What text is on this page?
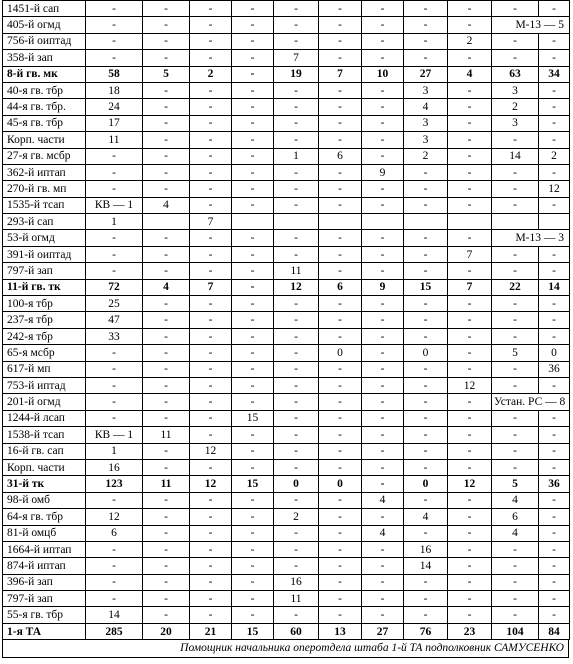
1451-й сап	-	-	-	-	-	-	-	-	-	-	-
405-й огмд	-	-	-	-	-	-	-	-	-	М-13 — 5	
756-й оиптад	-	-	-	-	-	-	-	-	2	-	-
358-й зап	-	-	-	-	7	-	-	-	-	-	-
8-й гв. мк	58	5	2	-	19	7	10	27	4	63	34
40-я гв. тбр	18	-	-	-	-	-	-	3	-	3	-
44-я гв. тбр.	24	-	-	-	-	-	-	4	-	2	-
45-я гв. тбр	17	-	-	-	-	-	-	3	-	3	-
Корп. части	11	-	-	-	-	-	-	3	-	-	-
27-я гв. мсбр	-	-	-	-	1	6	-	2	-	14	2
362-й иптап	-	-	-	-	-	-	9	-	-	-	-
270-й гв. мп	-	-	-	-	-	-	-	-	-	-	12
1535-й тсап	КВ — 1	4	-	-	-	-	-	-	-	-	-
293-й сап	1		7								
53-й огмд	-	-	-	-	-	-	-	-	-	М-13 — 3	
391-й оиптад	-	-	-	-	-	-	-	-	7	-	-
797-й зап	-	-	-	-	11	-	-	-	-	-	-
11-й гв. тк	72	4	7	-	12	6	9	15	7	22	14
100-я тбр	25	-	-	-	-	-	-	-	-	-	-
237-я тбр	47	-	-	-	-	-	-	-	-	-	-
242-я тбр	33	-	-	-	-	-	-	-	-	-	-
65-я мсбр	-	-	-	-	-	0	-	0	-	5	0
617-й мп	-	-	-	-	-	-	-	-	-	-	36
753-й иптад	-	-	-	-	-	-	-	-	12	-	-
201-й огмд	-	-	-	-	-	-	-	-	-	Устан. РС — 8	
1244-й лсап	-	-	-	15	-	-	-	-	-	-	-
1538-й тсап	КВ — 1	11	-	-	-	-	-	-	-	-	-
16-й гв. сап	1	-	12	-	-	-	-	-	-	-	-
Корп. части	16	-	-	-	-	-	-	-	-	-	-
31-й тк	123	11	12	15	0	0	-	0	12	5	36
98-й омб	-	-	-	-	-	-	4	-	-	4	-
64-я гв. тбр	12	-	-	-	2	-	-	4	-	6	-
81-й омцб	6	-	-	-	-	-	4	-	-	4	-
1664-й иптап	-	-	-	-	-	-	-	16	-	-	-
874-й иптап	-	-	-	-	-	-	-	14	-	-	-
396-й зап	-	-	-	-	16	-	-	-	-	-	-
797-й зап	-	-	-	-	11	-	-	-	-	-	-
55-я гв. тбр	14	-	-	-	-	-	-	-	-	-	-
1-я ТА	285	20	21	15	60	13	27	76	23	104	84
Помощник начальника оперотдела штаба 1-й ТА подполковник САМУСЕНКО
